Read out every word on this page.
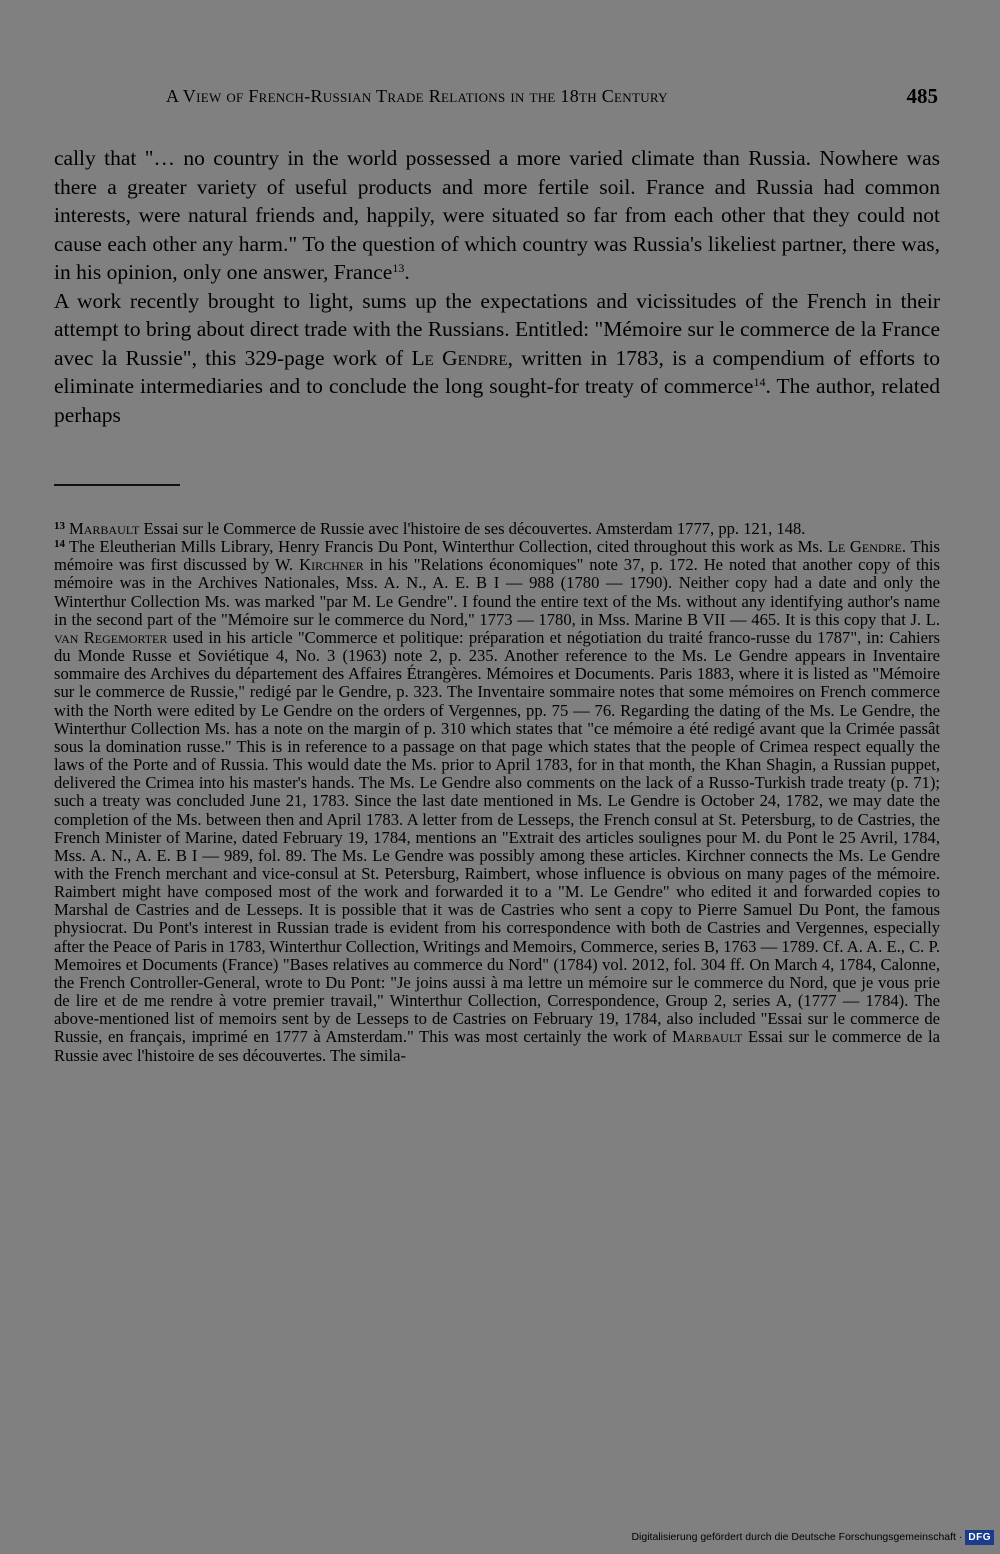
A View of French-Russian Trade Relations in the 18th Century	485

cally that "… no country in the world possessed a more varied climate than Russia. Nowhere was there a greater variety of useful products and more fertile soil. France and Russia had common interests, were natural friends and, happily, were situated so far from each other that they could not cause each other any harm." To the question of which country was Russia's likeliest partner, there was, in his opinion, only one answer, France$^{13}$.

A work recently brought to light, sums up the expectations and vicissitudes of the French in their attempt to bring about direct trade with the Russians. Entitled: "Mémoire sur le commerce de la France avec la Russie", this 329-page work of Le Gendre, written in 1783, is a compendium of efforts to eliminate intermediaries and to conclude the long sought-for treaty of commerce$^{14}$. The author, related perhaps

$^{13}$ Marbault Essai sur le Commerce de Russie avec l'histoire de ses découvertes. Amsterdam 1777, pp. 121, 148.

$^{14}$ The Eleutherian Mills Library, Henry Francis Du Pont, Winterthur Collection, cited throughout this work as Ms. Le Gendre. This mémoire was first discussed by W. Kirchner in his "Relations économiques" note 37, p. 172. He noted that another copy of this mémoire was in the Archives Nationales, Mss. A. N., A. E. B I — 988 (1780 — 1790). Neither copy had a date and only the Winterthur Collection Ms. was marked "par M. Le Gendre". I found the entire text of the Ms. without any identifying author's name in the second part of the "Mémoire sur le commerce du Nord," 1773 — 1780, in Mss. Marine B VII — 465. It is this copy that J. L. van Regemorter used in his article "Commerce et politique: préparation et négotiation du traité franco-russe du 1787", in: Cahiers du Monde Russe et Soviétique 4, No. 3 (1963) note 2, p. 235. Another reference to the Ms. Le Gendre appears in Inventaire sommaire des Archives du département des Affaires Étrangères. Mémoires et Documents. Paris 1883, where it is listed as "Mémoire sur le commerce de Russie," redigé par le Gendre, p. 323. The Inventaire sommaire notes that some mémoires on French commerce with the North were edited by Le Gendre on the orders of Vergennes, pp. 75 — 76. Regarding the dating of the Ms. Le Gendre, the Winterthur Collection Ms. has a note on the margin of p. 310 which states that "ce mémoire a été redigé avant que la Crimée passât sous la domination russe." This is in reference to a passage on that page which states that the people of Crimea respect equally the laws of the Porte and of Russia. This would date the Ms. prior to April 1783, for in that month, the Khan Shagin, a Russian puppet, delivered the Crimea into his master's hands. The Ms. Le Gendre also comments on the lack of a Russo-Turkish trade treaty (p. 71); such a treaty was concluded June 21, 1783. Since the last date mentioned in Ms. Le Gendre is October 24, 1782, we may date the completion of the Ms. between then and April 1783. A letter from de Lesseps, the French consul at St. Petersburg, to de Castries, the French Minister of Marine, dated February 19, 1784, mentions an "Extrait des articles soulignes pour M. du Pont le 25 Avril, 1784, Mss. A. N., A. E. B I — 989, fol. 89. The Ms. Le Gendre was possibly among these articles. Kirchner connects the Ms. Le Gendre with the French merchant and vice-consul at St. Petersburg, Raimbert, whose influence is obvious on many pages of the mémoire. Raimbert might have composed most of the work and forwarded it to a "M. Le Gendre" who edited it and forwarded copies to Marshal de Castries and de Lesseps. It is possible that it was de Castries who sent a copy to Pierre Samuel Du Pont, the famous physiocrat. Du Pont's interest in Russian trade is evident from his correspondence with both de Castries and Vergennes, especially after the Peace of Paris in 1783, Winterthur Collection, Writings and Memoirs, Commerce, series B, 1763 — 1789. Cf. A. A. E., C. P. Memoires et Documents (France) "Bases relatives au commerce du Nord" (1784) vol. 2012, fol. 304 ff. On March 4, 1784, Calonne, the French Controller-General, wrote to Du Pont: "Je joins aussi à ma lettre un mémoire sur le commerce du Nord, que je vous prie de lire et de me rendre à votre premier travail," Winterthur Collection, Correspondence, Group 2, series A, (1777 — 1784). The above-mentioned list of memoirs sent by de Lesseps to de Castries on February 19, 1784, also included "Essai sur le commerce de Russie, en français, imprimé en 1777 à Amsterdam." This was most certainly the work of Marbault Essai sur le commerce de la Russie avec l'histoire de ses découvertes. The simila-

Digitalisierung gefördert durch die Deutsche Forschungsgemeinschaft · DFG
